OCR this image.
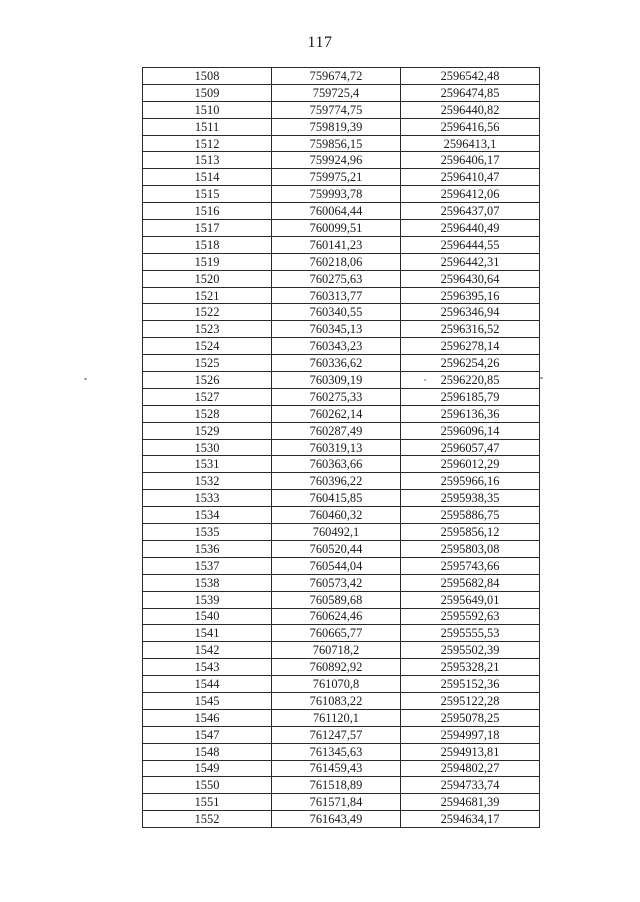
117
1508	759674,72	2596542,48
1509	759725,4	2596474,85
1510	759774,75	2596440,82
1511	759819,39	2596416,56
1512	759856,15	2596413,1
1513	759924,96	2596406,17
1514	759975,21	2596410,47
1515	759993,78	2596412,06
1516	760064,44	2596437,07
1517	760099,51	2596440,49
1518	760141,23	2596444,55
1519	760218,06	2596442,31
1520	760275,63	2596430,64
1521	760313,77	2596395,16
1522	760340,55	2596346,94
1523	760345,13	2596316,52
1524	760343,23	2596278,14
1525	760336,62	2596254,26
1526	760309,19	2596220,85
1527	760275,33	2596185,79
1528	760262,14	2596136,36
1529	760287,49	2596096,14
1530	760319,13	2596057,47
1531	760363,66	2596012,29
1532	760396,22	2595966,16
1533	760415,85	2595938,35
1534	760460,32	2595886,75
1535	760492,1	2595856,12
1536	760520,44	2595803,08
1537	760544,04	2595743,66
1538	760573,42	2595682,84
1539	760589,68	2595649,01
1540	760624,46	2595592,63
1541	760665,77	2595555,53
1542	760718,2	2595502,39
1543	760892,92	2595328,21
1544	761070,8	2595152,36
1545	761083,22	2595122,28
1546	761120,1	2595078,25
1547	761247,57	2594997,18
1548	761345,63	2594913,81
1549	761459,43	2594802,27
1550	761518,89	2594733,74
1551	761571,84	2594681,39
1552	761643,49	2594634,17
